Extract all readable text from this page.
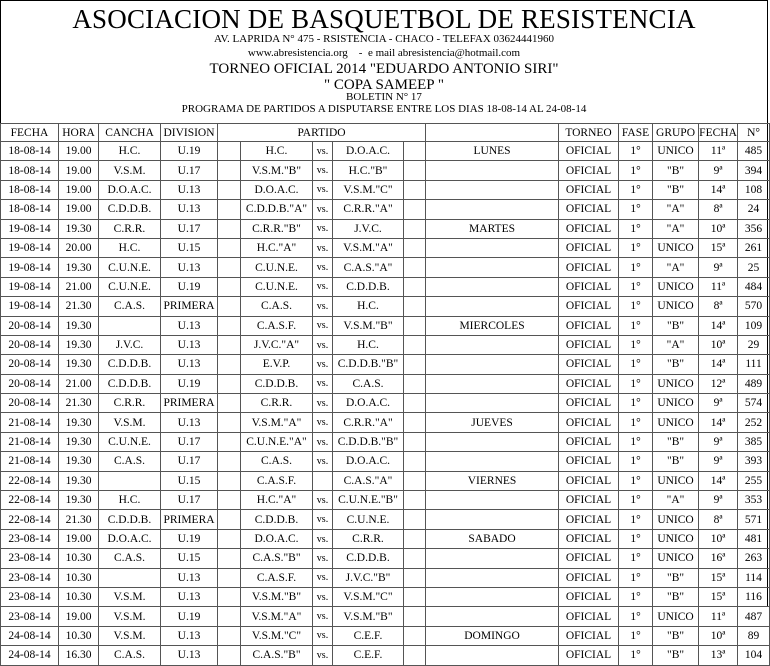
ASOCIACION DE BASQUETBOL DE RESISTENCIA
AV. LAPRIDA N° 475 - RSISTENCIA - CHACO - TELEFAX 03624441960
www.abresistencia.org    -  e mail abresistencia@hotmail.com
TORNEO OFICIAL 2014 "EDUARDO ANTONIO SIRI"
" COPA SAMEEP "
BOLETIN N° 17
PROGRAMA DE PARTIDOS A DISPUTARSE ENTRE LOS DIAS 18-08-14 AL 24-08-14
FECHA	HORA	CANCHA	DIVISION	PARTIDO						TORNEO	FASE	GRUPO	FECHA	N°
18-08-14	19.00	H.C.	U.19		H.C.	vs.	D.O.A.C.		LUNES	OFICIAL	1°	UNICO	11ª	485
18-08-14	19.00	V.S.M.	U.17		V.S.M."B"	vs.	H.C."B"			OFICIAL	1°	"B"	9ª	394
18-08-14	19.00	D.O.A.C.	U.13		D.O.A.C.	vs.	V.S.M."C"			OFICIAL	1°	"B"	14ª	108
18-08-14	19.00	C.D.D.B.	U.13		C.D.D.B."A"	vs.	C.R.R."A"			OFICIAL	1°	"A"	8ª	24
19-08-14	19.30	C.R.R.	U.17		C.R.R."B"	vs.	J.V.C.		MARTES	OFICIAL	1°	"A"	10ª	356
19-08-14	20.00	H.C.	U.15		H.C."A"	vs.	V.S.M."A"			OFICIAL	1°	UNICO	15ª	261
19-08-14	19.30	C.U.N.E.	U.13		C.U.N.E.	vs.	C.A.S."A"			OFICIAL	1°	"A"	9ª	25
19-08-14	21.00	C.U.N.E.	U.19		C.U.N.E.	vs.	C.D.D.B.			OFICIAL	1°	UNICO	11ª	484
19-08-14	21.30	C.A.S.	PRIMERA		C.A.S.	vs.	H.C.			OFICIAL	1°	UNICO	8ª	570
20-08-14	19.30		U.13		C.A.S.F.	vs.	V.S.M."B"		MIERCOLES	OFICIAL	1°	"B"	14ª	109
20-08-14	19.30	J.V.C.	U.13		J.V.C."A"	vs.	H.C.			OFICIAL	1°	"A"	10ª	29
20-08-14	19.30	C.D.D.B.	U.13		E.V.P.	vs.	C.D.D.B."B"			OFICIAL	1°	"B"	14ª	111
20-08-14	21.00	C.D.D.B.	U.19		C.D.D.B.	vs.	C.A.S.			OFICIAL	1°	UNICO	12ª	489
20-08-14	21.30	C.R.R.	PRIMERA		C.R.R.	vs.	D.O.A.C.			OFICIAL	1°	UNICO	9ª	574
21-08-14	19.30	V.S.M.	U.13		V.S.M."A"	vs.	C.R.R."A"		JUEVES	OFICIAL	1°	UNICO	14ª	252
21-08-14	19.30	C.U.N.E.	U.17		C.U.N.E."A"	vs.	C.D.D.B."B"			OFICIAL	1°	"B"	9ª	385
21-08-14	19.30	C.A.S.	U.17		C.A.S.	vs.	D.O.A.C.			OFICIAL	1°	"B"	9ª	393
22-08-14	19.30		U.15		C.A.S.F.		C.A.S."A"		VIERNES	OFICIAL	1°	UNICO	14ª	255
22-08-14	19.30	H.C.	U.17		H.C."A"	vs.	C.U.N.E."B"			OFICIAL	1°	"A"	9ª	353
22-08-14	21.30	C.D.D.B.	PRIMERA		C.D.D.B.	vs.	C.U.N.E.			OFICIAL	1°	UNICO	8ª	571
23-08-14	19.00	D.O.A.C.	U.19		D.O.A.C.	vs.	C.R.R.		SABADO	OFICIAL	1°	UNICO	10ª	481
23-08-14	10.30	C.A.S.	U.15		C.A.S."B"	vs.	C.D.D.B.			OFICIAL	1°	UNICO	16ª	263
23-08-14	10.30		U.13		C.A.S.F.	vs.	J.V.C."B"			OFICIAL	1°	"B"	15ª	114
23-08-14	10.30	V.S.M.	U.13		V.S.M."B"	vs.	V.S.M."C"			OFICIAL	1°	"B"	15ª	116
23-08-14	19.00	V.S.M.	U.19		V.S.M."A"	vs.	V.S.M."B"			OFICIAL	1°	UNICO	11ª	487
24-08-14	10.30	V.S.M.	U.13		V.S.M."C"	vs.	C.E.F.		DOMINGO	OFICIAL	1°	"B"	10ª	89
24-08-14	16.30	C.A.S.	U.13		C.A.S."B"	vs.	C.E.F.			OFICIAL	1°	"B"	13ª	104
